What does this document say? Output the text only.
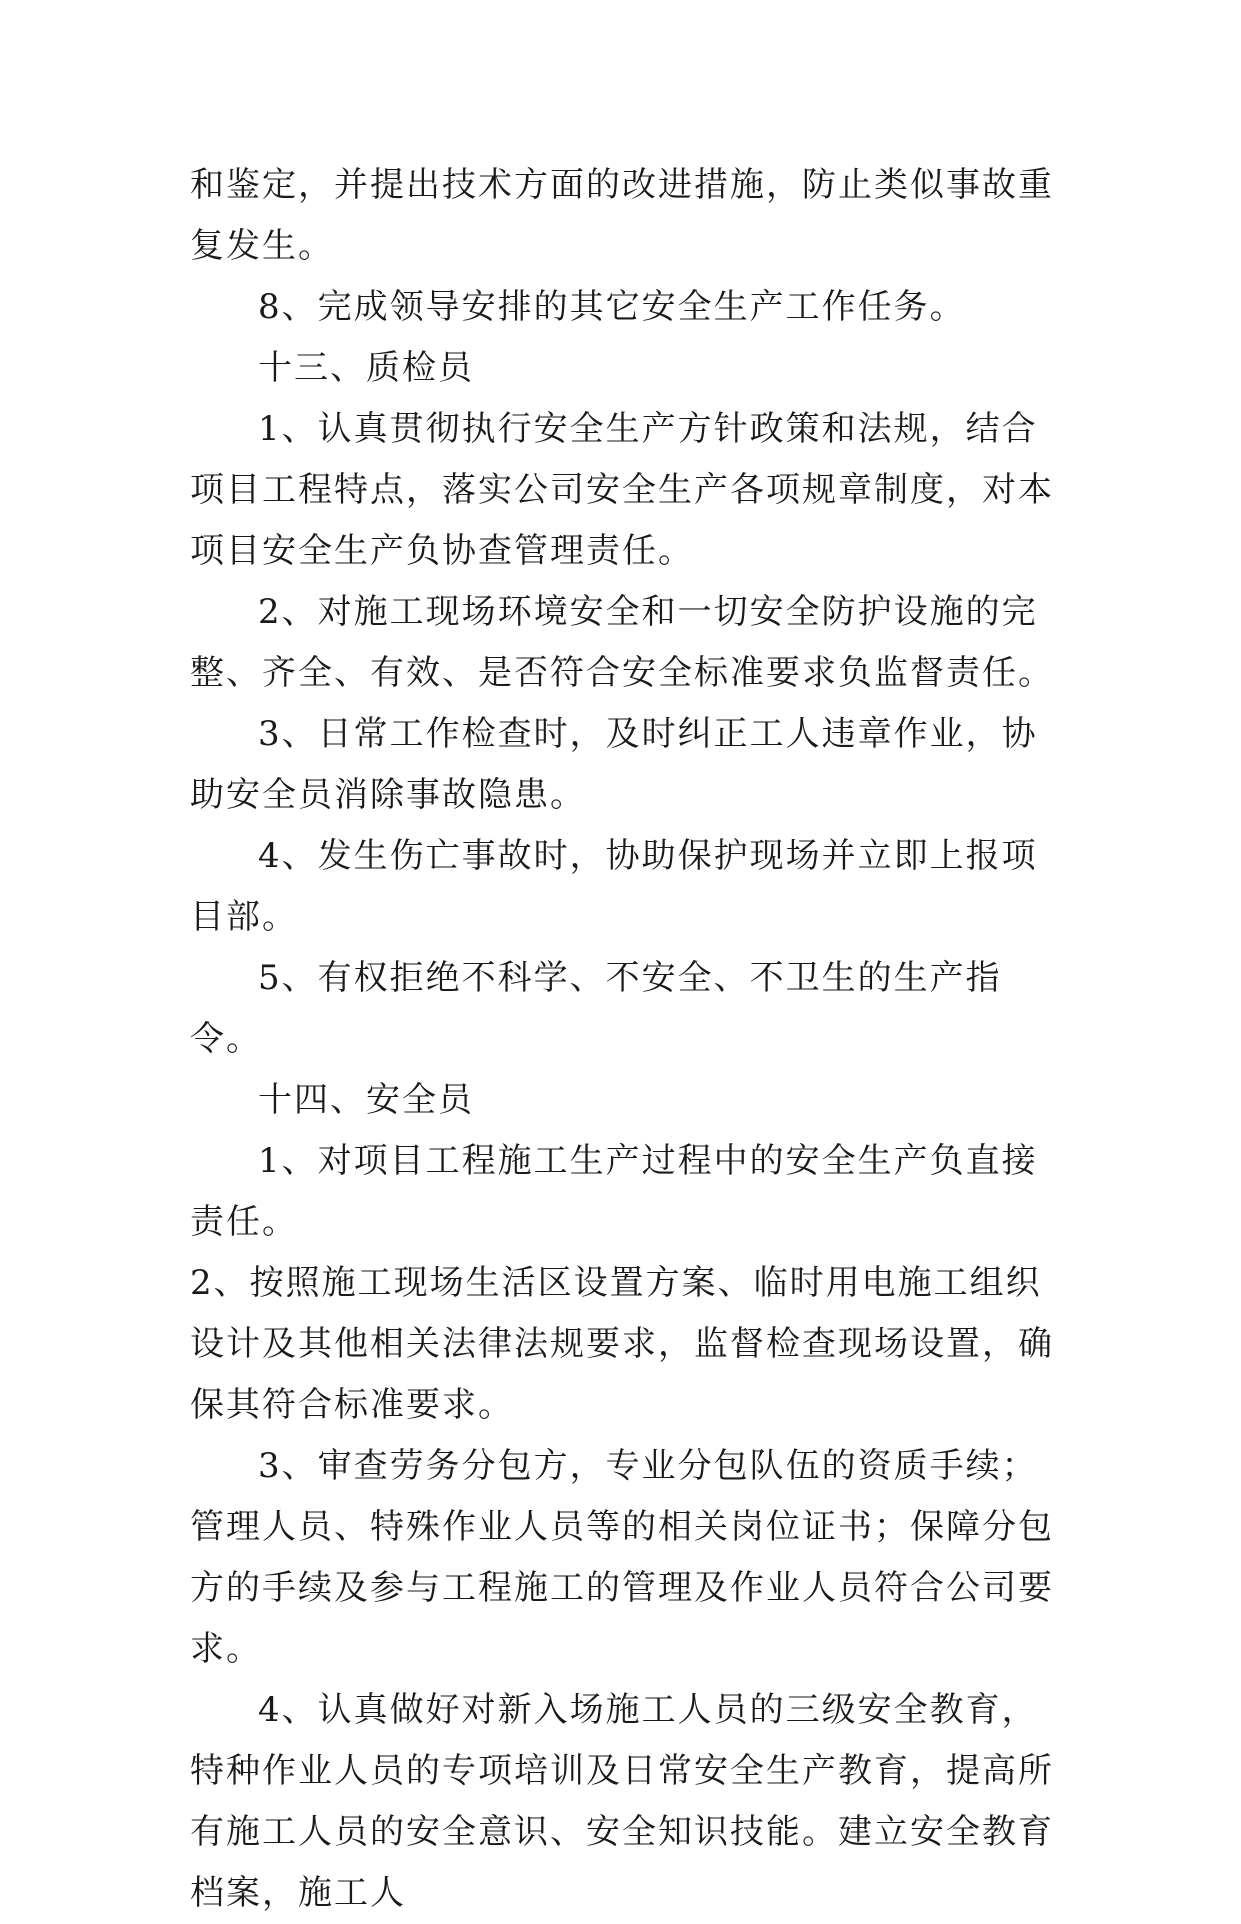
和鉴定，并提出技术方面的改进措施，防止类似事故重复发生。

8、完成领导安排的其它安全生产工作任务。

十三、质检员

1、认真贯彻执行安全生产方针政策和法规，结合项目工程特点，落实公司安全生产各项规章制度，对本项目安全生产负协查管理责任。

2、对施工现场环境安全和一切安全防护设施的完整、齐全、有效、是否符合安全标准要求负监督责任。

3、日常工作检查时，及时纠正工人违章作业，协助安全员消除事故隐患。

4、发生伤亡事故时，协助保护现场并立即上报项目部。

5、有权拒绝不科学、不安全、不卫生的生产指令。

十四、安全员

1、对项目工程施工生产过程中的安全生产负直接责任。

2、按照施工现场生活区设置方案、临时用电施工组织设计及其他相关法律法规要求，监督检查现场设置，确保其符合标准要求。

3、审查劳务分包方，专业分包队伍的资质手续；管理人员、特殊作业人员等的相关岗位证书；保障分包方的手续及参与工程施工的管理及作业人员符合公司要求。

4、认真做好对新入场施工人员的三级安全教育，特种作业人员的专项培训及日常安全生产教育，提高所有施工人员的安全意识、安全知识技能。建立安全教育档案，施工人
